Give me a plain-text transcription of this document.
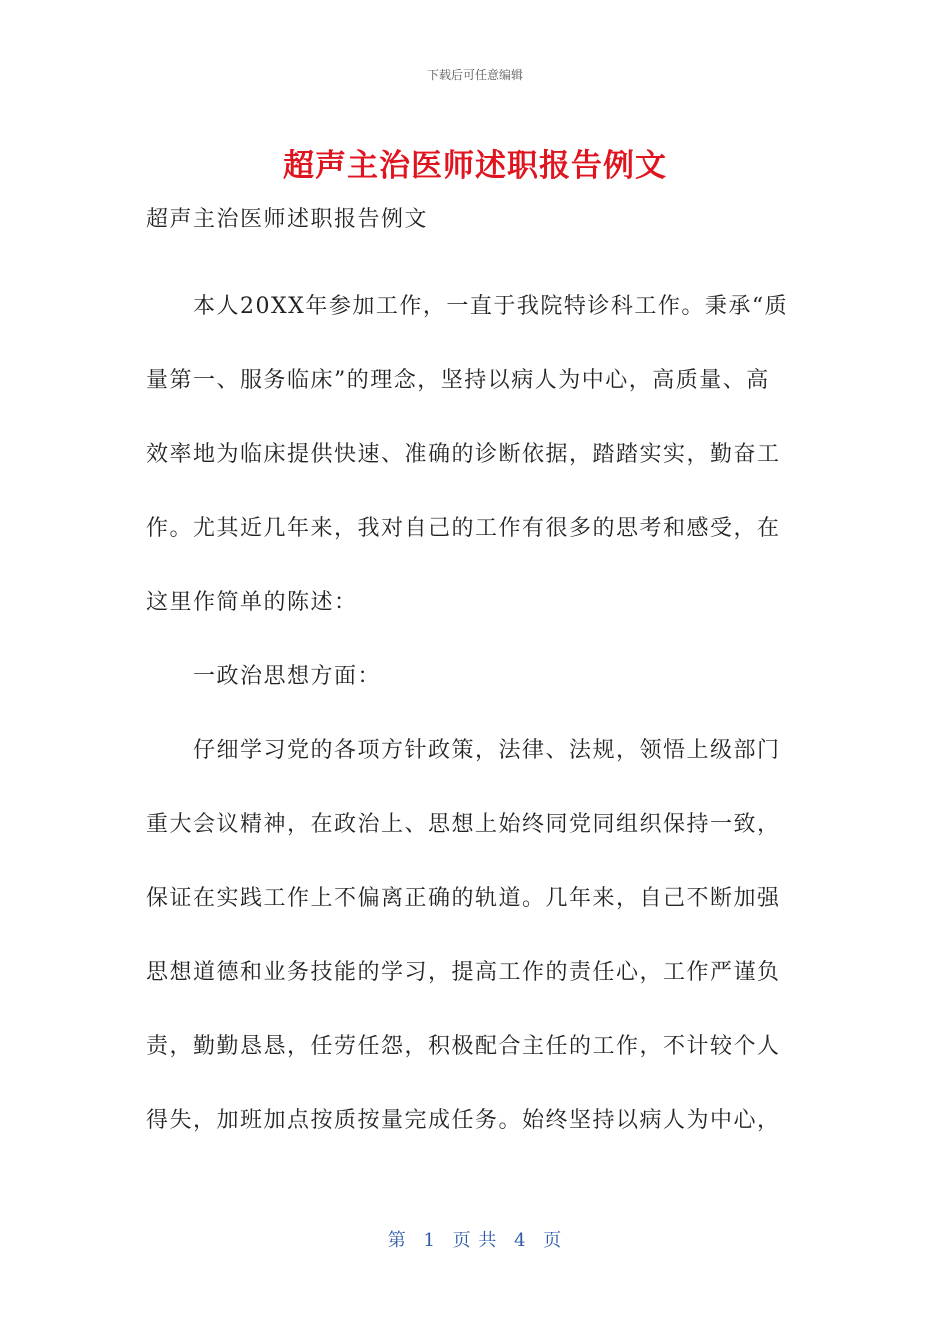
下载后可任意编辑
超声主治医师述职报告例文

超声主治医师述职报告例文

　　本人20XX年参加工作，一直于我院特诊科工作。秉承“质

量第一、服务临床”的理念，坚持以病人为中心，高质量、高

效率地为临床提供快速、准确的诊断依据，踏踏实实，勤奋工

作。尤其近几年来，我对自己的工作有很多的思考和感受，在

这里作简单的陈述：

　　一政治思想方面：

　　仔细学习党的各项方针政策，法律、法规，领悟上级部门

重大会议精神，在政治上、思想上始终同党同组织保持一致，

保证在实践工作上不偏离正确的轨道。几年来，自己不断加强

思想道德和业务技能的学习，提高工作的责任心，工作严谨负

责，勤勤恳恳，任劳任怨，积极配合主任的工作，不计较个人

得失，加班加点按质按量完成任务。始终坚持以病人为中心，

第 1 页 共 4 页
